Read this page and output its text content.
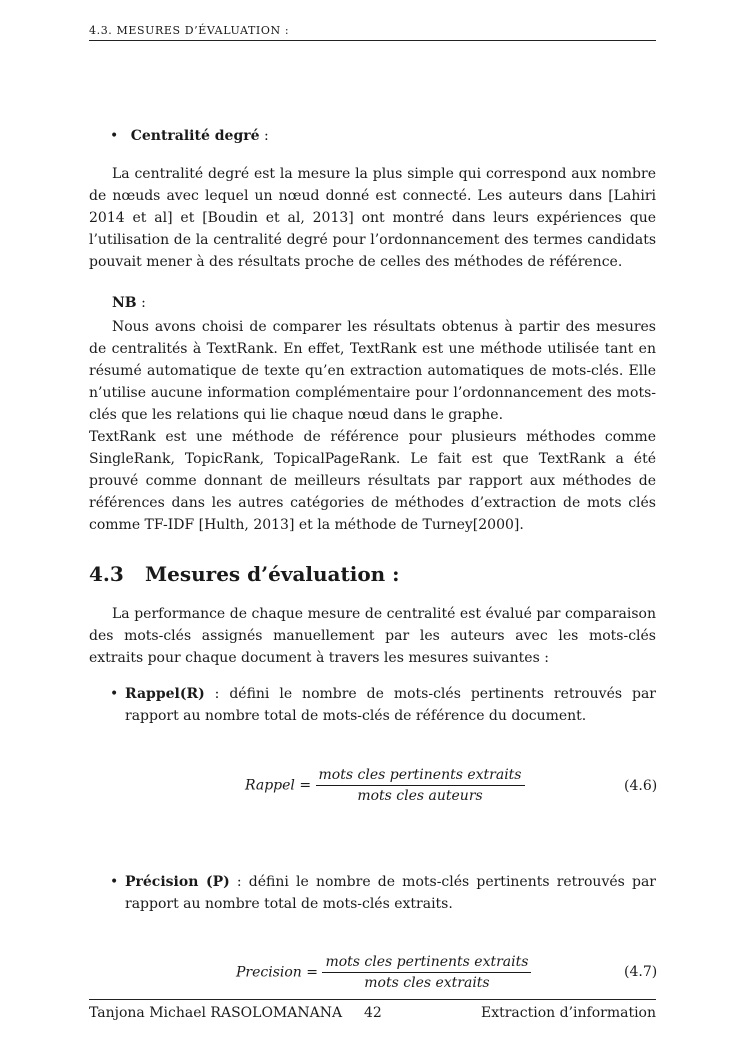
4.3. MESURES D’ÉVALUATION :
• Centralité degré :

La centralité degré est la mesure la plus simple qui correspond aux nombre de nœuds avec lequel un nœud donné est connecté. Les auteurs dans [Lahiri 2014 et al] et [Boudin et al, 2013] ont montré dans leurs expériences que l’utilisation de la centralité degré pour l’ordonnancement des termes candidats pouvait mener à des résultats proche de celles des méthodes de référence.

NB :

Nous avons choisi de comparer les résultats obtenus à partir des mesures de centralités à TextRank. En effet, TextRank est une méthode utilisée tant en résumé automatique de texte qu’en extraction automatiques de mots-clés. Elle n’utilise aucune information complémentaire pour l’ordonnancement des mots-clés que les relations qui lie chaque nœud dans le graphe.

TextRank est une méthode de référence pour plusieurs méthodes comme SingleRank, TopicRank, TopicalPageRank. Le fait est que TextRank a été prouvé comme donnant de meilleurs résultats par rapport aux méthodes de références dans les autres catégories de méthodes d’extraction de mots clés comme TF-IDF [Hulth, 2013] et la méthode de Turney[2000].

4.3 Mesures d’évaluation :

La performance de chaque mesure de centralité est évalué par comparaison des mots-clés assignés manuellement par les auteurs avec les mots-clés extraits pour chaque document à travers les mesures suivantes :

• Rappel(R) : défini le nombre de mots-clés pertinents retrouvés par rapport au nombre total de mots-clés de référence du document.

Rappel = $\frac{\text{mots cles pertinents extraits}}{\text{mots cles auteurs}}$	(4.6)
• Précision (P) : défini le nombre de mots-clés pertinents retrouvés par rapport au nombre total de mots-clés extraits.

Precision = $\frac{\text{mots cles pertinents extraits}}{\text{mots cles extraits}}$	(4.7)
Tanjona Michael RASOLOMANANA 42	Extraction d’information
